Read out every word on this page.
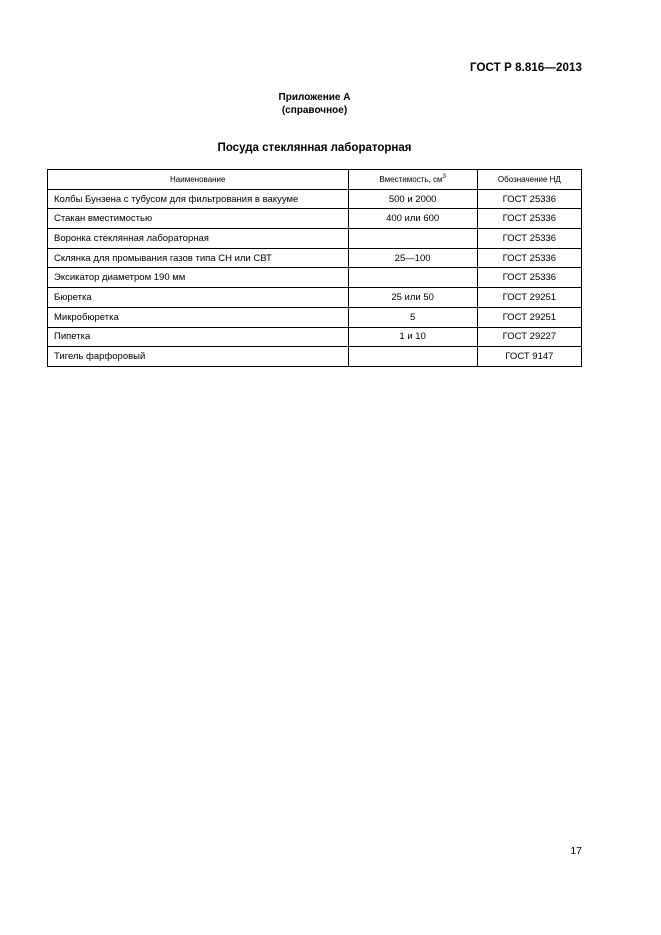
ГОСТ Р 8.816—2013
Приложение А
(справочное)
Посуда стеклянная лабораторная
Наименование	Вместимость, $см^3$	Обозначение НД
Колбы Бунзена с тубусом для фильтрования в вакууме	500 и 2000	ГОСТ 25336
Стакан вместимостью	400 или 600	ГОСТ 25336
Воронка стеклянная лабораторная		ГОСТ 25336
Склянка для промывания газов типа СН или СВТ	25—100	ГОСТ 25336
Эксикатор диаметром 190 мм		ГОСТ 25336
Бюретка	25 или 50	ГОСТ 29251
Микробюретка	5	ГОСТ 29251
Пипетка	1 и 10	ГОСТ 29227
Тигель фарфоровый		ГОСТ 9147
17
